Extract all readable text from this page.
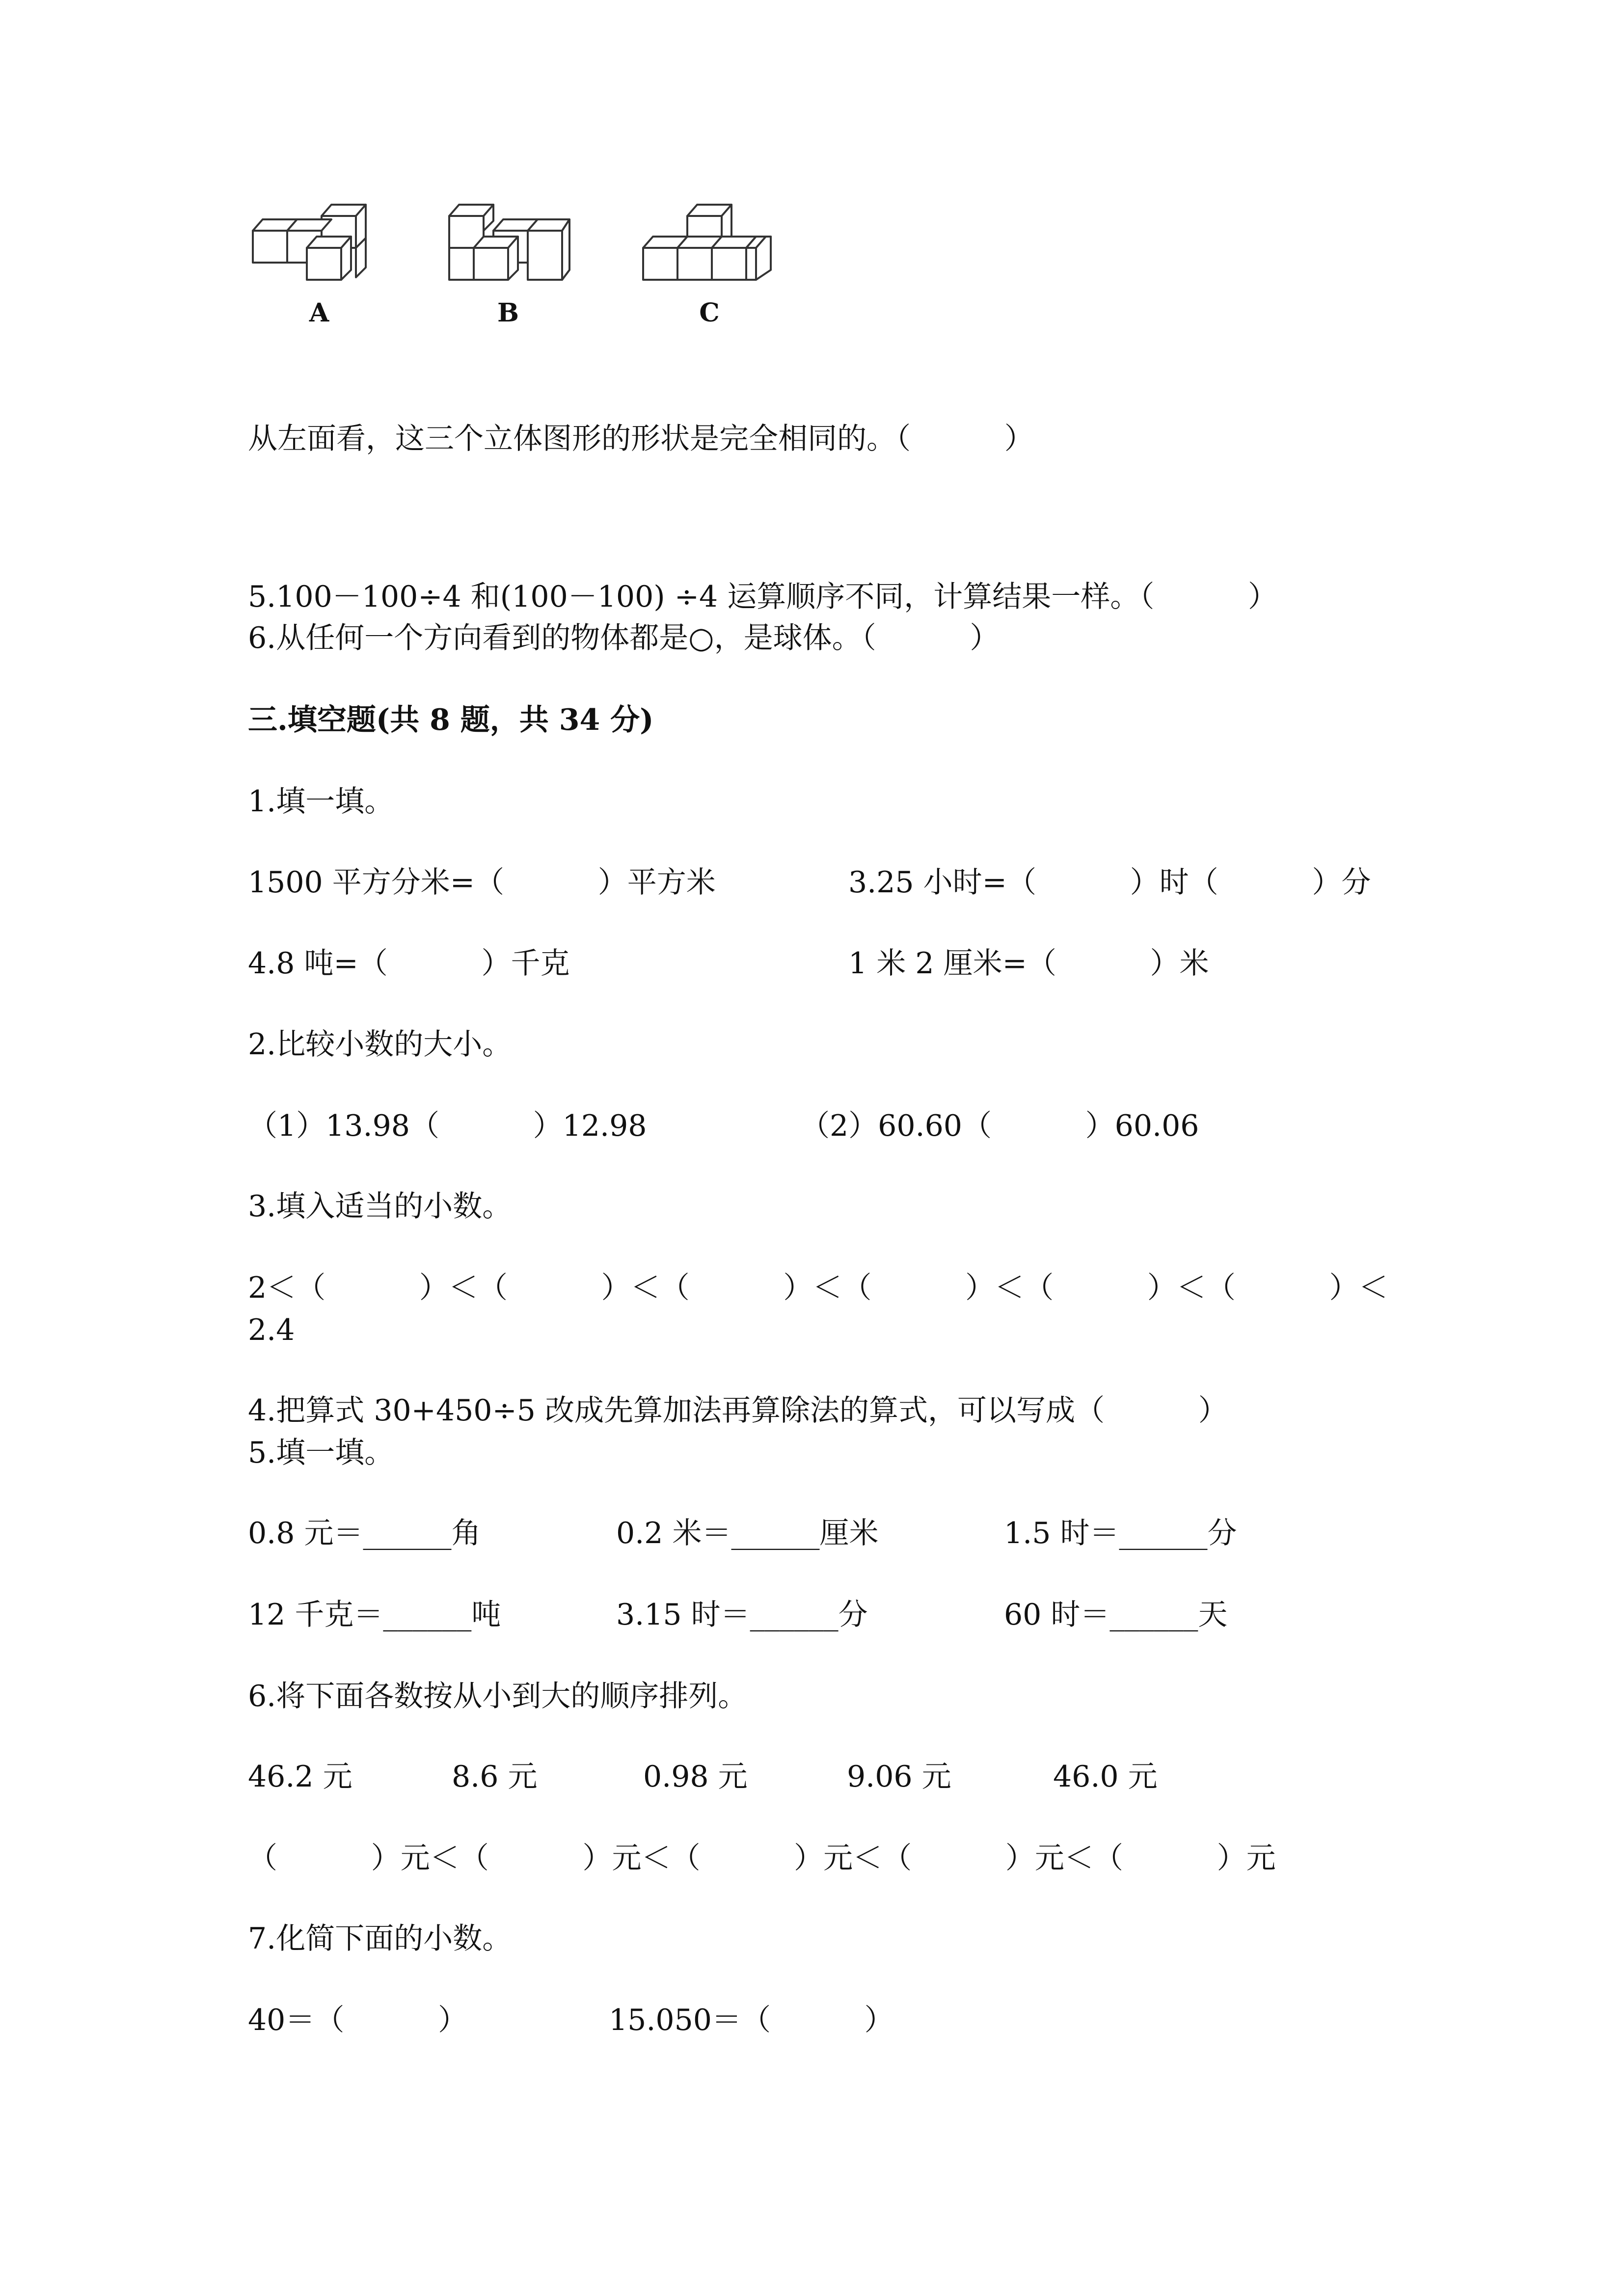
A	B	C
从左面看，这三个立体图形的形状是完全相同的。（          ）
5.100－100÷4 和(100－100) ÷4 运算顺序不同，计算结果一样。（          ）
6.从任何一个方向看到的物体都是○，是球体。（          ）
三.填空题(共 8 题，共 34 分)
1.填一填。
1500 平方分米=（          ）平方米	3.25 小时=（          ）时（          ）分
4.8 吨=（          ）千克	1 米 2 厘米=（          ）米
2.比较小数的大小。
（1）13.98（          ）12.98	（2）60.60（          ）60.06
3.填入适当的小数。
2＜（          ）＜（          ）＜（          ）＜（          ）＜（          ）＜（          ）＜
2.4
4.把算式 30+450÷5 改成先算加法再算除法的算式，可以写成（          ）
5.填一填。
0.8 元＝______角	0.2 米＝______厘米	1.5 时＝______分
12 千克＝______吨	3.15 时＝______分	60 时＝______天
6.将下面各数按从小到大的顺序排列。
46.2 元	8.6 元	0.98 元	9.06 元	46.0 元
（          ）元＜（          ）元＜（          ）元＜（          ）元＜（          ）元
7.化简下面的小数。
40＝（          ）	15.050＝（          ）
